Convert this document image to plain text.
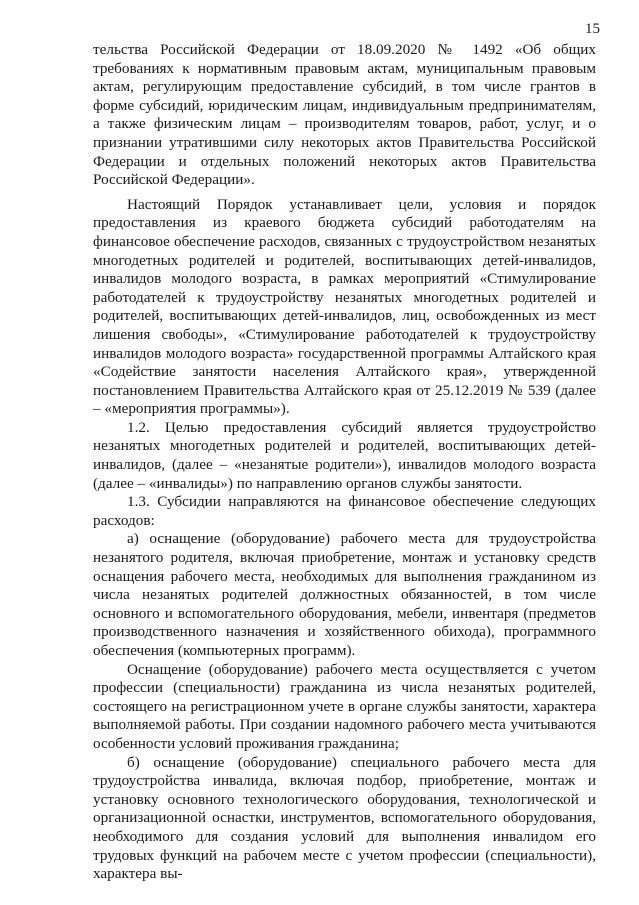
15

тельства Российской Федерации от 18.09.2020 № 1492 «Об общих требованиях к нормативным правовым актам, муниципальным правовым актам, регулирующим предоставление субсидий, в том числе грантов в форме субсидий, юридическим лицам, индивидуальным предпринимателям, а также физическим лицам – производителям товаров, работ, услуг, и о признании утратившими силу некоторых актов Правительства Российской Федерации и отдельных положений некоторых актов Правительства Российской Федерации».

Настоящий Порядок устанавливает цели, условия и порядок предоставления из краевого бюджета субсидий работодателям на финансовое обеспечение расходов, связанных с трудоустройством незанятых многодетных родителей и родителей, воспитывающих детей-инвалидов, инвалидов молодого возраста, в рамках мероприятий «Стимулирование работодателей к трудоустройству незанятых многодетных родителей и родителей, воспитывающих детей-инвалидов, лиц, освобожденных из мест лишения свободы», «Стимулирование работодателей к трудоустройству инвалидов молодого возраста» государственной программы Алтайского края «Содействие занятости населения Алтайского края», утвержденной постановлением Правительства Алтайского края от 25.12.2019 № 539 (далее – «мероприятия программы»).

1.2. Целью предоставления субсидий является трудоустройство незанятых многодетных родителей и родителей, воспитывающих детей-инвалидов, (далее – «незанятые родители»), инвалидов молодого возраста (далее – «инвалиды») по направлению органов службы занятости.

1.3. Субсидии направляются на финансовое обеспечение следующих расходов:

а) оснащение (оборудование) рабочего места для трудоустройства незанятого родителя, включая приобретение, монтаж и установку средств оснащения рабочего места, необходимых для выполнения гражданином из числа незанятых родителей должностных обязанностей, в том числе основного и вспомогательного оборудования, мебели, инвентаря (предметов производственного назначения и хозяйственного обихода), программного обеспечения (компьютерных программ).

Оснащение (оборудование) рабочего места осуществляется с учетом профессии (специальности) гражданина из числа незанятых родителей, состоящего на регистрационном учете в органе службы занятости, характера выполняемой работы. При создании надомного рабочего места учитываются особенности условий проживания гражданина;

б) оснащение (оборудование) специального рабочего места для трудоустройства инвалида, включая подбор, приобретение, монтаж и установку основного технологического оборудования, технологической и организационной оснастки, инструментов, вспомогательного оборудования, необходимого для создания условий для выполнения инвалидом его трудовых функций на рабочем месте с учетом профессии (специальности), характера вы-
